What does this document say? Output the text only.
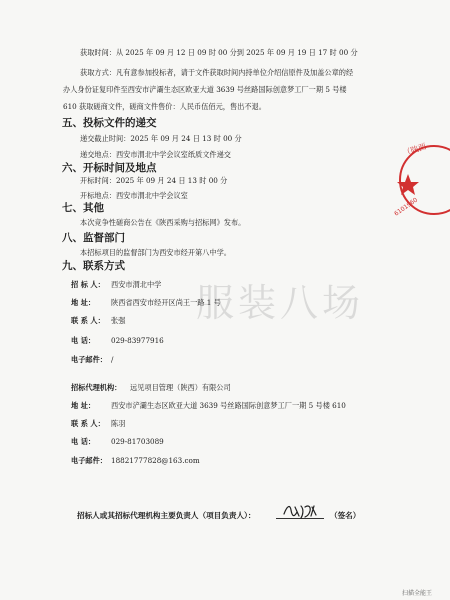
获取时间：从 2025 年 09 月 12 日 09 时 00 分到 2025 年 09 月 19 日 17 时 00 分
获取方式：凡有意参加投标者，请于文件获取时间内持单位介绍信原件及加盖公章的经
办人身份证复印件至西安市浐灞生态区欧亚大道 3639 号丝路国际创意梦工厂一期 5 号楼
610 获取磋商文件，磋商文件售价：人民币伍佰元，售出不退。
五、投标文件的递交
递交截止时间：2025 年 09 月 24 日 13 时 00 分
递交地点：西安市渭北中学会议室纸质文件递交
六、开标时间及地点
开标时间：2025 年 09 月 24 日 13 时 00 分
开标地点：西安市渭北中学会议室
七、其他
本次竞争性磋商公告在《陕西采购与招标网》发布。
八、监督部门
本招标项目的监督部门为西安市经开第八中学。
九、联系方式
招 标 人： 西安市渭北中学
地 址： 陕西省西安市经开区尚王一路 1 号
联 系 人： 张强
电 话： 029-83977916
电子邮件： /
招标代理机构： 远见项目管理（陕西）有限公司
地 址： 西安市浐灞生态区欧亚大道 3639 号丝路国际创意梦工厂一期 5 号楼 610
联 系 人： 陈羽
电 话： 029-81703089
电子邮件： 18821777828@163.com
招标人或其招标代理机构主要负责人（项目负责人）：	（签名）
服装八场
（陕西
6101960
扫描全能王
